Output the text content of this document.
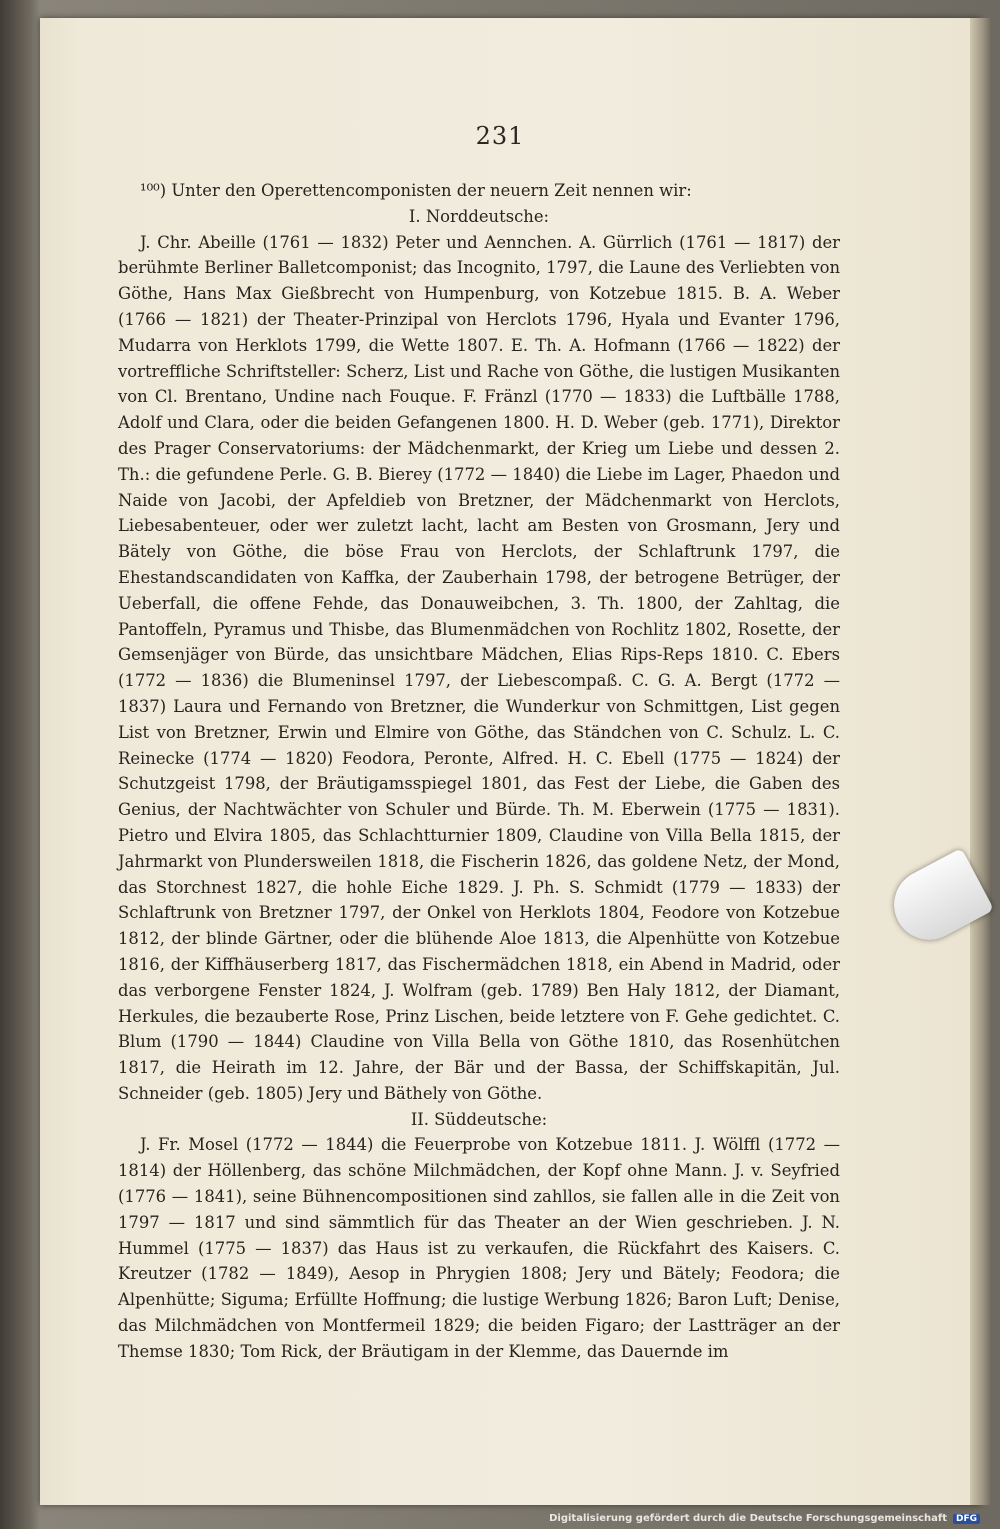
231

¹⁰⁰) Unter den Operettencomponisten der neuern Zeit nennen wir:

I. Norddeutsche:

J. Chr. Abeille (1761 — 1832) Peter und Aennchen. A. Gürrlich (1761 — 1817) der berühmte Berliner Balletcomponist; das Incognito, 1797, die Laune des Verliebten von Göthe, Hans Max Gießbrecht von Humpenburg, von Kotzebue 1815. B. A. Weber (1766 — 1821) der Theater-Prinzipal von Herclots 1796, Hyala und Evanter 1796, Mudarra von Herklots 1799, die Wette 1807. E. Th. A. Hofmann (1766 — 1822) der vortreffliche Schriftsteller: Scherz, List und Rache von Göthe, die lustigen Musikanten von Cl. Brentano, Undine nach Fouque. F. Fränzl (1770 — 1833) die Luftbälle 1788, Adolf und Clara, oder die beiden Gefangenen 1800. H. D. Weber (geb. 1771), Direktor des Prager Conservatoriums: der Mädchenmarkt, der Krieg um Liebe und dessen 2. Th.: die gefundene Perle. G. B. Bierey (1772 — 1840) die Liebe im Lager, Phaedon und Naide von Jacobi, der Apfeldieb von Bretzner, der Mädchenmarkt von Herclots, Liebesabenteuer, oder wer zuletzt lacht, lacht am Besten von Grosmann, Jery und Bätely von Göthe, die böse Frau von Herclots, der Schlaftrunk 1797, die Ehestandscandidaten von Kaffka, der Zauberhain 1798, der betrogene Betrüger, der Ueberfall, die offene Fehde, das Donauweibchen, 3. Th. 1800, der Zahltag, die Pantoffeln, Pyramus und Thisbe, das Blumenmädchen von Rochlitz 1802, Rosette, der Gemsenjäger von Bürde, das unsichtbare Mädchen, Elias Rips-Reps 1810. C. Ebers (1772 — 1836) die Blumeninsel 1797, der Liebescompaß. C. G. A. Bergt (1772 — 1837) Laura und Fernando von Bretzner, die Wunderkur von Schmittgen, List gegen List von Bretzner, Erwin und Elmire von Göthe, das Ständchen von C. Schulz. L. C. Reinecke (1774 — 1820) Feodora, Peronte, Alfred. H. C. Ebell (1775 — 1824) der Schutzgeist 1798, der Bräutigamsspiegel 1801, das Fest der Liebe, die Gaben des Genius, der Nachtwächter von Schuler und Bürde. Th. M. Eberwein (1775 — 1831). Pietro und Elvira 1805, das Schlachtturnier 1809, Claudine von Villa Bella 1815, der Jahrmarkt von Plundersweilen 1818, die Fischerin 1826, das goldene Netz, der Mond, das Storchnest 1827, die hohle Eiche 1829. J. Ph. S. Schmidt (1779 — 1833) der Schlaftrunk von Bretzner 1797, der Onkel von Herklots 1804, Feodore von Kotzebue 1812, der blinde Gärtner, oder die blühende Aloe 1813, die Alpenhütte von Kotzebue 1816, der Kiffhäuserberg 1817, das Fischermädchen 1818, ein Abend in Madrid, oder das verborgene Fenster 1824, J. Wolfram (geb. 1789) Ben Haly 1812, der Diamant, Herkules, die bezauberte Rose, Prinz Lischen, beide letztere von F. Gehe gedichtet. C. Blum (1790 — 1844) Claudine von Villa Bella von Göthe 1810, das Rosenhütchen 1817, die Heirath im 12. Jahre, der Bär und der Bassa, der Schiffskapitän, Jul. Schneider (geb. 1805) Jery und Bäthely von Göthe.

II. Süddeutsche:

J. Fr. Mosel (1772 — 1844) die Feuerprobe von Kotzebue 1811. J. Wölffl (1772 — 1814) der Höllenberg, das schöne Milchmädchen, der Kopf ohne Mann. J. v. Seyfried (1776 — 1841), seine Bühnencompositionen sind zahllos, sie fallen alle in die Zeit von 1797 — 1817 und sind sämmtlich für das Theater an der Wien geschrieben. J. N. Hummel (1775 — 1837) das Haus ist zu verkaufen, die Rückfahrt des Kaisers. C. Kreutzer (1782 — 1849), Aesop in Phrygien 1808; Jery und Bätely; Feodora; die Alpenhütte; Siguma; Erfüllte Hoffnung; die lustige Werbung 1826; Baron Luft; Denise, das Milchmädchen von Montfermeil 1829; die beiden Figaro; der Lastträger an der Themse 1830; Tom Rick, der Bräutigam in der Klemme, das Dauernde im

Digitalisierung gefördert durch die Deutsche Forschungsgemeinschaft	DFG
